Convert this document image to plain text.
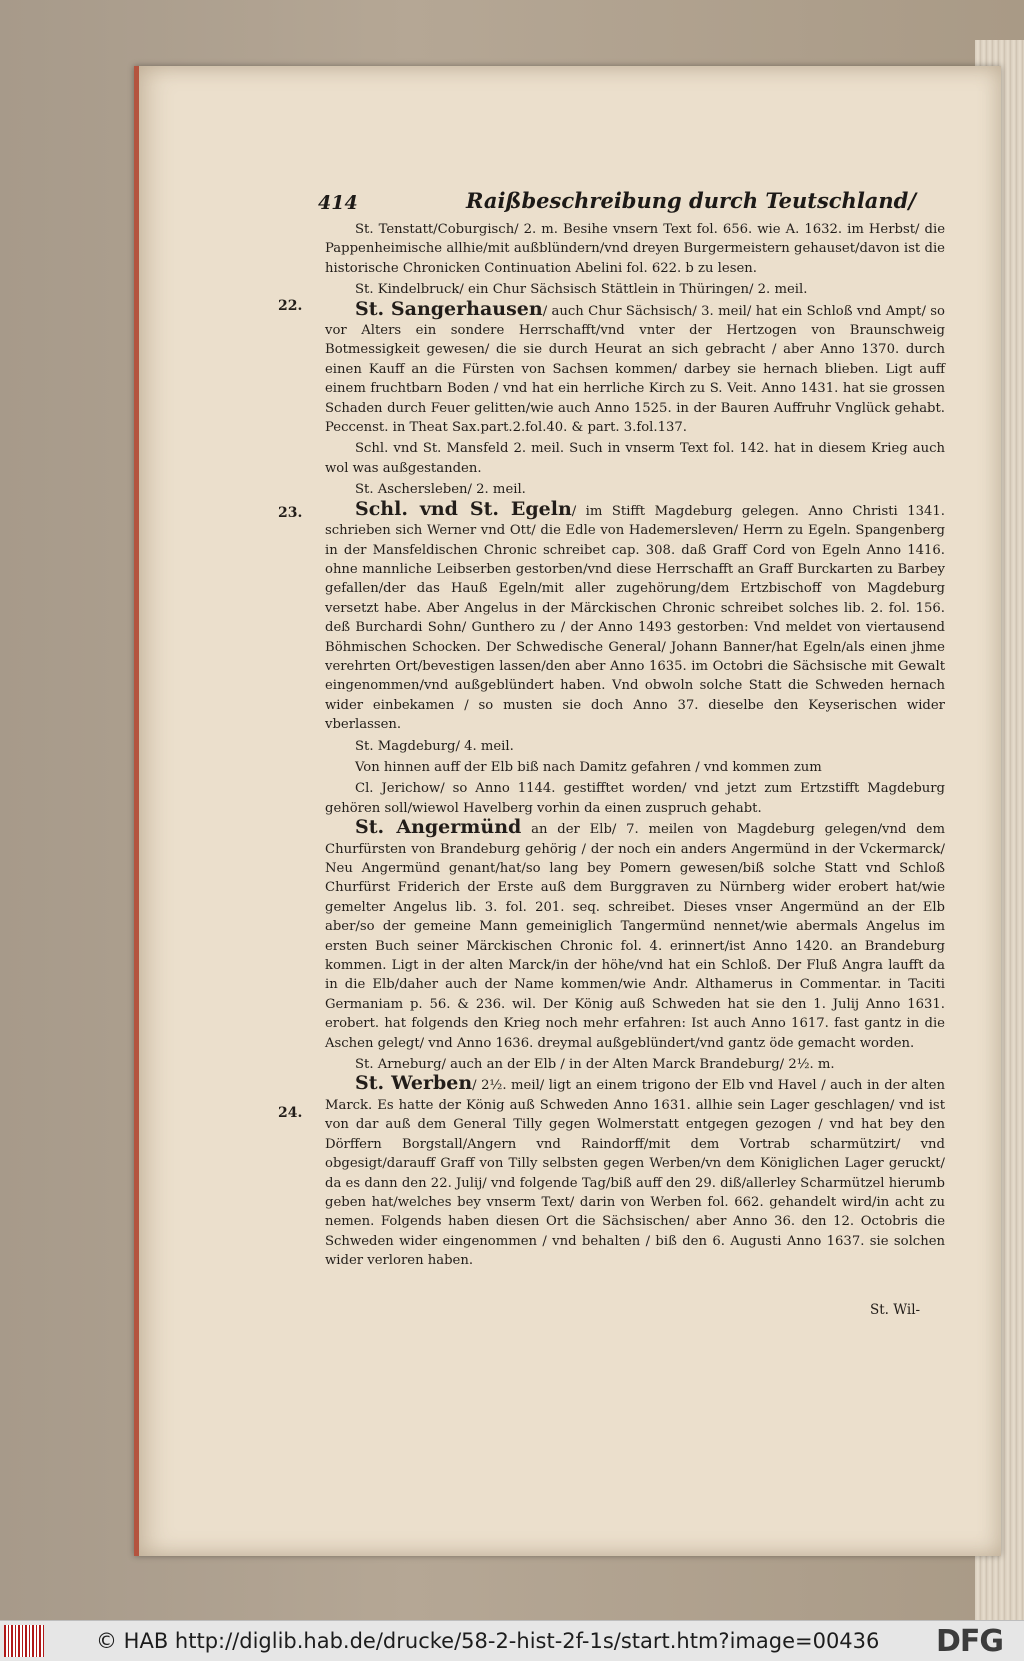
414	Raißbeschreibung durch Teutschland/
22.
23.
24.

St. Tenstatt/Coburgisch/ 2. m. Besihe vnsern Text fol. 656. wie A. 1632. im Herbst/ die Pappenheimische allhie/mit außblündern/vnd dreyen Burgermeistern gehauset/davon ist die historische Chronicken Continuation Abelini fol. 622. b zu lesen.

St. Kindelbruck/ ein Chur Sächsisch Stättlein in Thüringen/ 2. meil.

St. Sangerhausen/ auch Chur Sächsisch/ 3. meil/ hat ein Schloß vnd Ampt/ so vor Alters ein sondere Herrschafft/vnd vnter der Hertzogen von Braunschweig Botmessigkeit gewesen/ die sie durch Heurat an sich gebracht / aber Anno 1370. durch einen Kauff an die Fürsten von Sachsen kommen/ darbey sie hernach blieben. Ligt auff einem fruchtbarn Boden / vnd hat ein herrliche Kirch zu S. Veit. Anno 1431. hat sie grossen Schaden durch Feuer gelitten/wie auch Anno 1525. in der Bauren Auffruhr Vnglück gehabt. Peccenst. in Theat Sax.part.2.fol.40. & part. 3.fol.137.

Schl. vnd St. Mansfeld 2. meil. Such in vnserm Text fol. 142. hat in diesem Krieg auch wol was außgestanden.

St. Aschersleben/ 2. meil.

Schl. vnd St. Egeln/ im Stifft Magdeburg gelegen. Anno Christi 1341. schrieben sich Werner vnd Ott/ die Edle von Hademersleven/ Herrn zu Egeln. Spangenberg in der Mansfeldischen Chronic schreibet cap. 308. daß Graff Cord von Egeln Anno 1416. ohne mannliche Leibserben gestorben/vnd diese Herrschafft an Graff Burckarten zu Barbey gefallen/der das Hauß Egeln/mit aller zugehörung/dem Ertzbischoff von Magdeburg versetzt habe. Aber Angelus in der Märckischen Chronic schreibet solches lib. 2. fol. 156. deß Burchardi Sohn/ Gunthero zu / der Anno 1493 gestorben: Vnd meldet von viertausend Böhmischen Schocken. Der Schwedische General/ Johann Banner/hat Egeln/als einen jhme verehrten Ort/bevestigen lassen/den aber Anno 1635. im Octobri die Sächsische mit Gewalt eingenommen/vnd außgeblündert haben. Vnd obwoln solche Statt die Schweden hernach wider einbekamen / so musten sie doch Anno 37. dieselbe den Keyserischen wider vberlassen.

St. Magdeburg/ 4. meil.

Von hinnen auff der Elb biß nach Damitz gefahren / vnd kommen zum

Cl. Jerichow/ so Anno 1144. gestifftet worden/ vnd jetzt zum Ertzstifft Magdeburg gehören soll/wiewol Havelberg vorhin da einen zuspruch gehabt.

St. Angermünd an der Elb/ 7. meilen von Magdeburg gelegen/vnd dem Churfürsten von Brandeburg gehörig / der noch ein anders Angermünd in der Vckermarck/ Neu Angermünd genant/hat/so lang bey Pomern gewesen/biß solche Statt vnd Schloß Churfürst Friderich der Erste auß dem Burggraven zu Nürnberg wider erobert hat/wie gemelter Angelus lib. 3. fol. 201. seq. schreibet. Dieses vnser Angermünd an der Elb aber/so der gemeine Mann gemeiniglich Tangermünd nennet/wie abermals Angelus im ersten Buch seiner Märckischen Chronic fol. 4. erinnert/ist Anno 1420. an Brandeburg kommen. Ligt in der alten Marck/in der höhe/vnd hat ein Schloß. Der Fluß Angra laufft da in die Elb/daher auch der Name kommen/wie Andr. Althamerus in Commentar. in Taciti Germaniam p. 56. & 236. wil. Der König auß Schweden hat sie den 1. Julij Anno 1631. erobert. hat folgends den Krieg noch mehr erfahren: Ist auch Anno 1617. fast gantz in die Aschen gelegt/ vnd Anno 1636. dreymal außgeblündert/vnd gantz öde gemacht worden.

St. Arneburg/ auch an der Elb / in der Alten Marck Brandeburg/ 2½. m.

St. Werben/ 2½. meil/ ligt an einem trigono der Elb vnd Havel / auch in der alten Marck. Es hatte der König auß Schweden Anno 1631. allhie sein Lager geschlagen/ vnd ist von dar auß dem General Tilly gegen Wolmerstatt entgegen gezogen / vnd hat bey den Dörffern Borgstall/Angern vnd Raindorff/mit dem Vortrab scharmützirt/ vnd obgesigt/darauff Graff von Tilly selbsten gegen Werben/vn dem Königlichen Lager geruckt/ da es dann den 22. Julij/ vnd folgende Tag/biß auff den 29. diß/allerley Scharmützel hierumb geben hat/welches bey vnserm Text/ darin von Werben fol. 662. gehandelt wird/in acht zu nemen. Folgends haben diesen Ort die Sächsischen/ aber Anno 36. den 12. Octobris die Schweden wider eingenommen / vnd behalten / biß den 6. Augusti Anno 1637. sie solchen wider verloren haben.

St. Wil-
© HAB http://diglib.hab.de/drucke/58-2-hist-2f-1s/start.htm?image=00436 DFG
